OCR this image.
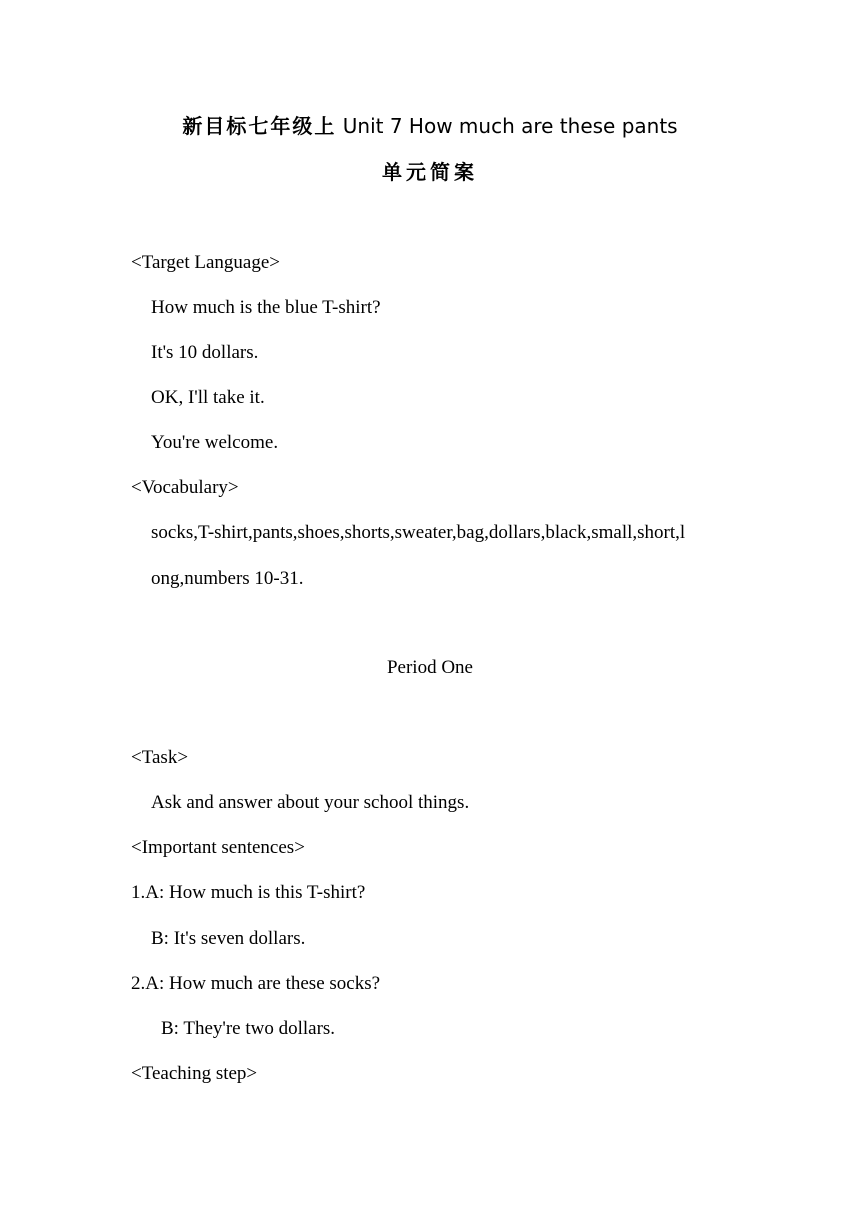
新目标七年级上 Unit 7 How much are these pants
单元简案
<Target Language>
How much is the blue T-shirt?
It's 10 dollars.
OK, I'll take it.
You're welcome.
<Vocabulary>
socks,T-shirt,pants,shoes,shorts,sweater,bag,dollars,black,small,short,l
ong,numbers 10-31.
Period One
<Task>
Ask and answer about your school things.
<Important sentences>
1.A: How much is this T-shirt?
B: It's seven dollars.
2.A: How much are these socks?
B: They're two dollars.
<Teaching step>
